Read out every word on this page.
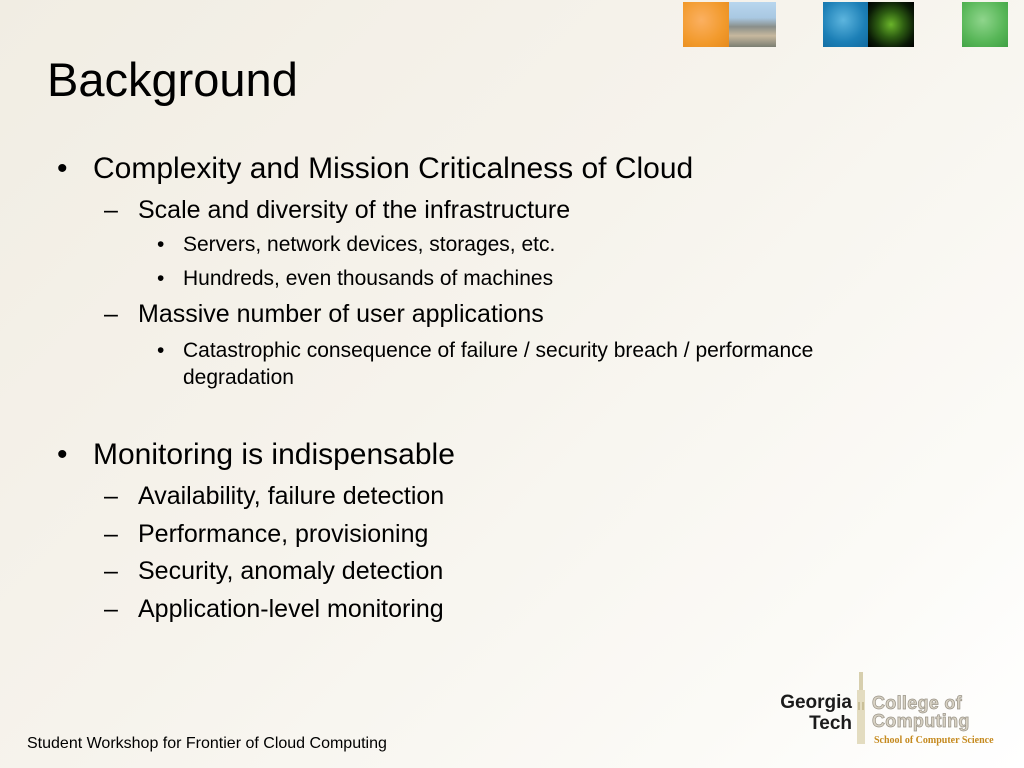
Background
• Complexity and Mission Criticalness of Cloud
– Scale and diversity of the infrastructure
• Servers, network devices, storages, etc.
• Hundreds, even thousands of machines
– Massive number of user applications
• Catastrophic consequence of failure / security breach / performance
degradation
• Monitoring is indispensable
– Availability, failure detection
– Performance, provisioning
– Security, anomaly detection
– Application-level monitoring
Student Workshop for Frontier of Cloud Computing
Georgia
Tech
College of
Computing
School of Computer Science
